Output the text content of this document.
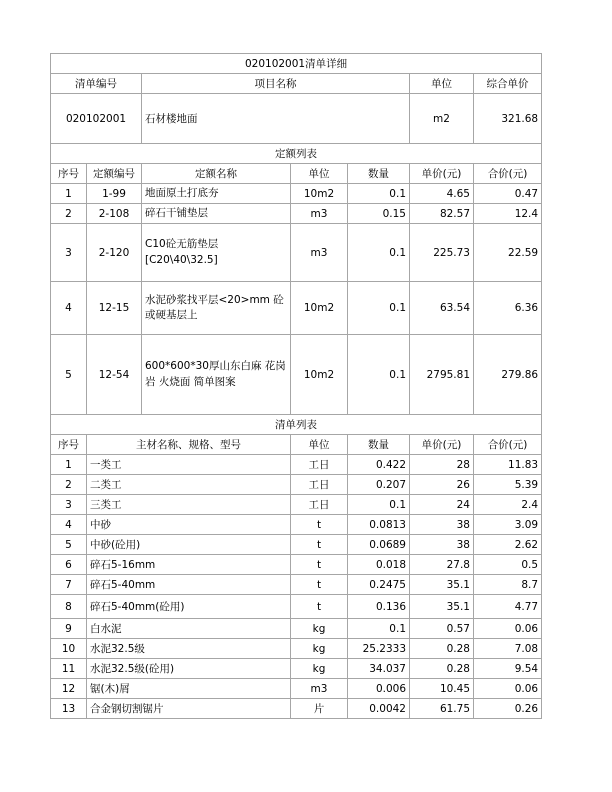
020102001清单详细						
清单编号		项目名称			单位	综合单价
020102001		石材楼地面			m2	321.68
定额列表						
序号	定额编号	定额名称	单位	数量	单价(元)	合价(元)
1	1-99	地面原土打底夯	10m2	0.1	4.65	0.47
2	2-108	碎石干铺垫层	m3	0.15	82.57	12.4
3	2-120	C10砼无筋垫层[C20\40\32.5]	m3	0.1	225.73	22.59
4	12-15	水泥砂浆找平层<20>mm 砼或硬基层上	10m2	0.1	63.54	6.36
5	12-54	600*600*30厚山东白麻 花岗岩 火烧面 简单图案	10m2	0.1	2795.81	279.86
清单列表						
序号	主材名称、规格、型号		单位	数量	单价(元)	合价(元)
1	一类工		工日	0.422	28	11.83
2	二类工		工日	0.207	26	5.39
3	三类工		工日	0.1	24	2.4
4	中砂		t	0.0813	38	3.09
5	中砂(砼用)		t	0.0689	38	2.62
6	碎石5-16mm		t	0.018	27.8	0.5
7	碎石5-40mm		t	0.2475	35.1	8.7
8	碎石5-40mm(砼用)		t	0.136	35.1	4.77
9	白水泥		kg	0.1	0.57	0.06
10	水泥32.5级		kg	25.2333	0.28	7.08
11	水泥32.5级(砼用)		kg	34.037	0.28	9.54
12	锯(木)屑		m3	0.006	10.45	0.06
13	合金钢切割锯片		片	0.0042	61.75	0.26
